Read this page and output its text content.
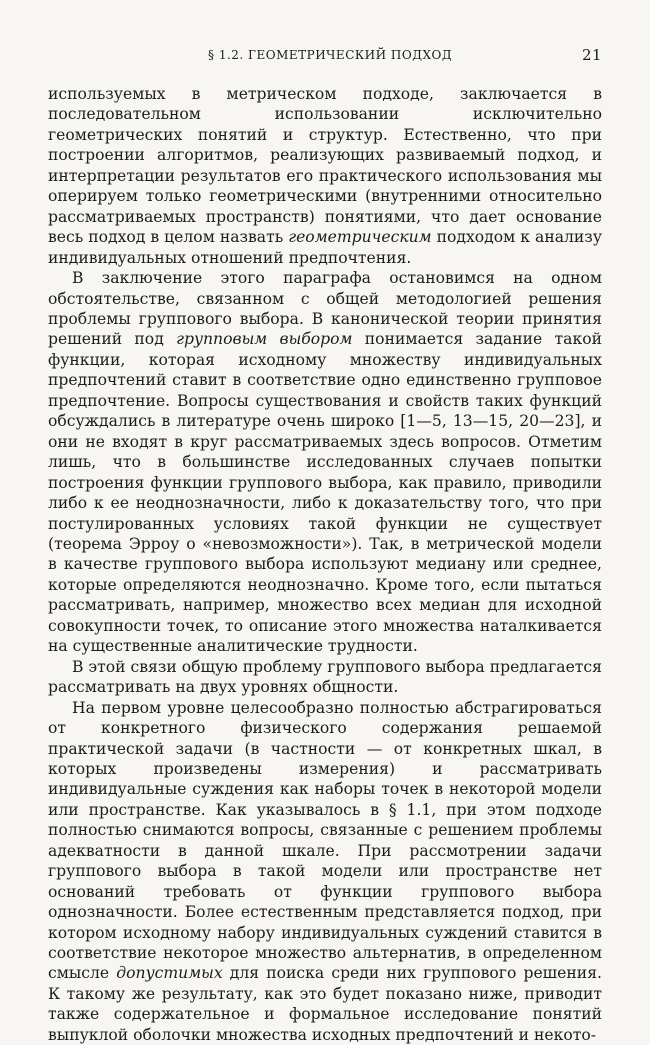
§ 1.2. ГЕОМЕТРИЧЕСКИЙ ПОДХОД	21

используемых в метрическом подходе, заключается в последовательном использовании исключительно геометрических понятий и структур. Естественно, что при построении алгоритмов, реализующих развиваемый подход, и интерпретации результатов его практического использования мы оперируем только геометрическими (внутренними относительно рассматриваемых пространств) понятиями, что дает основание весь подход в целом назвать геометрическим подходом к анализу индивидуальных отношений предпочтения.

В заключение этого параграфа остановимся на одном обстоятельстве, связанном с общей методологией решения проблемы группового выбора. В канонической теории принятия решений под групповым выбором понимается задание такой функции, которая исходному множеству индивидуальных предпочтений ставит в соответствие одно единственно групповое предпочтение. Вопросы существования и свойств таких функций обсуждались в литературе очень широко [1—5, 13—15, 20—23], и они не входят в круг рассматриваемых здесь вопросов. Отметим лишь, что в большинстве исследованных случаев попытки построения функции группового выбора, как правило, приводили либо к ее неоднозначности, либо к доказательству того, что при постулированных условиях такой функции не существует (теорема Эрроу о «невозможности»). Так, в метрической модели в качестве группового выбора используют медиану или среднее, которые определяются неоднозначно. Кроме того, если пытаться рассматривать, например, множество всех медиан для исходной совокупности точек, то описание этого множества наталкивается на существенные аналитические трудности.

В этой связи общую проблему группового выбора предлагается рассматривать на двух уровнях общности.

На первом уровне целесообразно полностью абстрагироваться от конкретного физического содержания решаемой практической задачи (в частности — от конкретных шкал, в которых произведены измерения) и рассматривать индивидуальные суждения как наборы точек в некоторой модели или пространстве. Как указывалось в § 1.1, при этом подходе полностью снимаются вопросы, связанные с решением проблемы адекватности в данной шкале. При рассмотрении задачи группового выбора в такой модели или пространстве нет оснований требовать от функции группового выбора однозначности. Более естественным представляется подход, при котором исходному набору индивидуальных суждений ставится в соответствие некоторое множество альтернатив, в определенном смысле допустимых для поиска среди них группового решения. К такому же результату, как это будет показано ниже, приводит также содержательное и формальное исследование понятий выпуклой оболочки множества исходных предпочтений и некото-
